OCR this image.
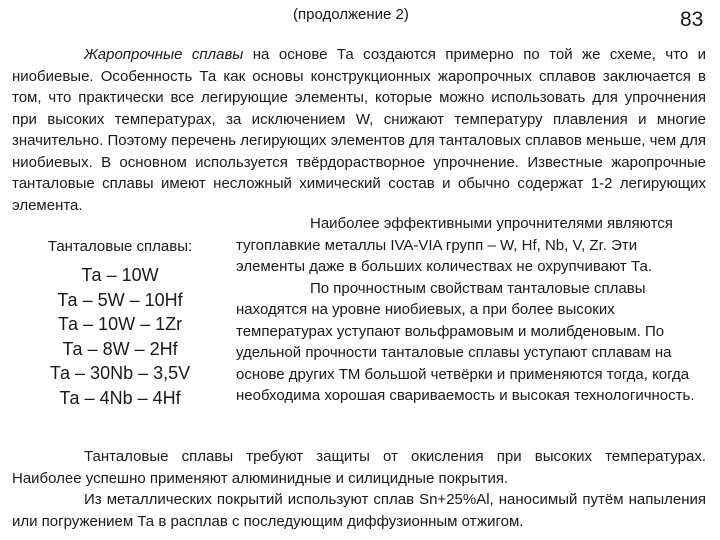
(продолжение 2)	83

Жаропрочные сплавы на основе Та создаются примерно по той же схеме, что и ниобиевые. Особенность Та как основы конструкционных жаропрочных сплавов заключается в том, что практически все легирующие элементы, которые можно использовать для упрочнения при высоких температурах, за исключением W, снижают температуру плавления и многие значительно. Поэтому перечень легирующих элементов для танталовых сплавов меньше, чем для ниобиевых. В основном используется твёрдорастворное упрочнение. Известные жаропрочные танталовые сплавы имеют несложный химический состав и обычно содержат 1-2 легирующих элемента.

Танталовые сплавы:

Та – 10W

Та – 5W – 10Hf

Та – 10W – 1Zr

Та – 8W – 2Hf

Та – 30Nb – 3,5V

Та – 4Nb – 4Hf

Наиболее эффективными упрочнителями являются тугоплавкие металлы IVA-VIA групп – W, Hf, Nb, V, Zr. Эти элементы даже в больших количествах не охрупчивают Та.

По прочностным свойствам танталовые сплавы находятся на уровне ниобиевых, а при более высоких температурах уступают вольфрамовым и молибденовым. По удельной прочности танталовые сплавы уступают сплавам на основе других ТМ большой четвёрки и применяются тогда, когда необходима хорошая свариваемость и высокая технологичность.

Танталовые сплавы требуют защиты от окисления при высоких температурах. Наиболее успешно применяют алюминидные и силицидные покрытия.

Из металлических покрытий используют сплав Sn+25%Al, наносимый путём напыления или погружением Та в расплав с последующим диффузионным отжигом.
